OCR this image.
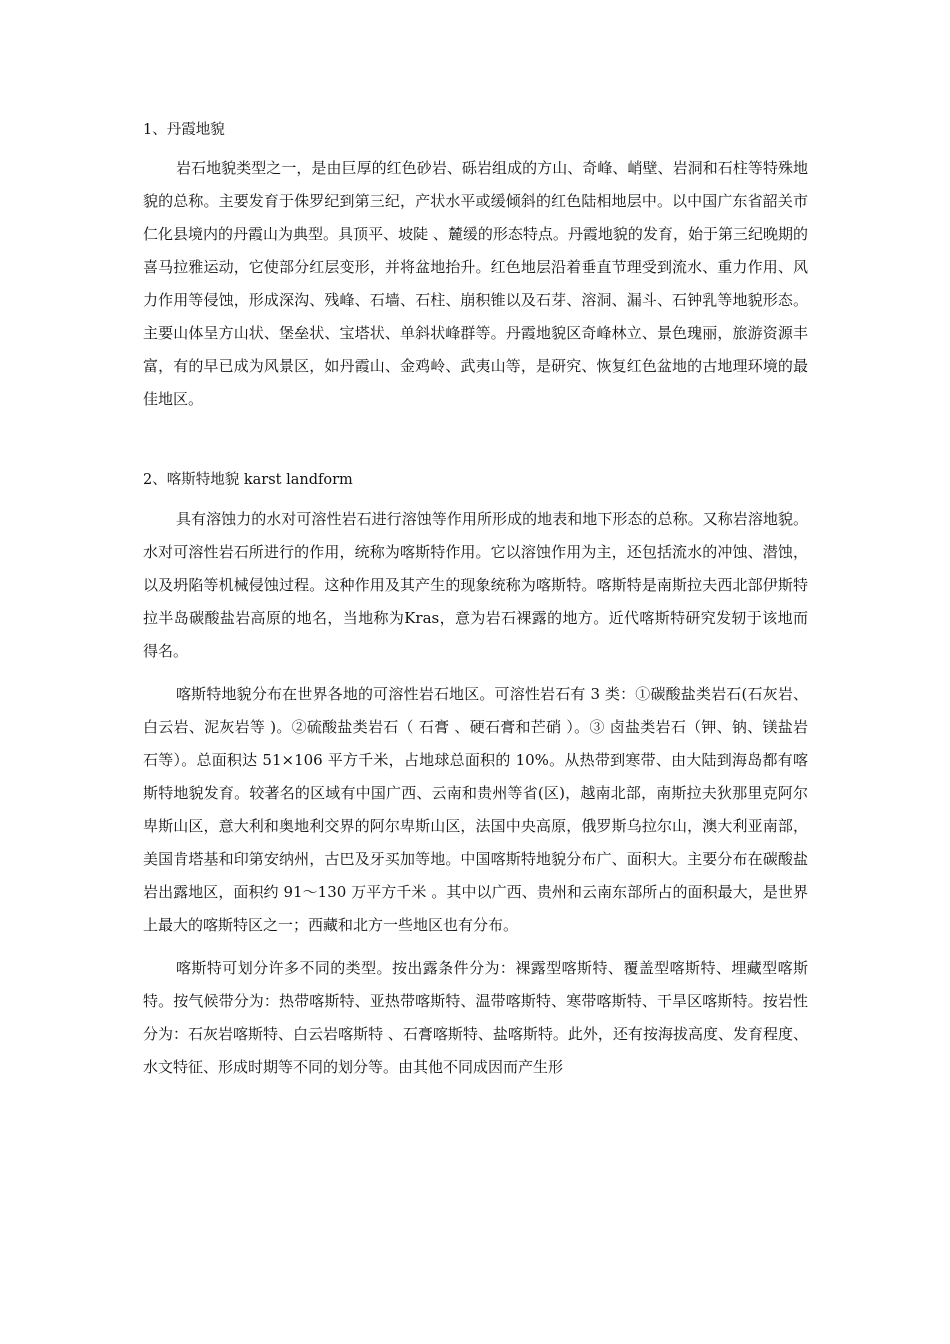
1、丹霞地貌

岩石地貌类型之一，是由巨厚的红色砂岩、砾岩组成的方山、奇峰、峭壁、岩洞和石柱等特殊地貌的总称。主要发育于侏罗纪到第三纪，产状水平或缓倾斜的红色陆相地层中。以中国广东省韶关市仁化县境内的丹霞山为典型。具顶平、坡陡 、麓缓的形态特点。丹霞地貌的发育，始于第三纪晚期的喜马拉雅运动，它使部分红层变形，并将盆地抬升。红色地层沿着垂直节理受到流水、重力作用、风力作用等侵蚀，形成深沟、残峰、石墙、石柱、崩积锥以及石芽、溶洞、漏斗、石钟乳等地貌形态。主要山体呈方山状、堡垒状、宝塔状、单斜状峰群等。丹霞地貌区奇峰林立、景色瑰丽，旅游资源丰富，有的早已成为风景区，如丹霞山、金鸡岭、武夷山等，是研究、恢复红色盆地的古地理环境的最佳地区。

2、喀斯特地貌 karst landform

具有溶蚀力的水对可溶性岩石进行溶蚀等作用所形成的地表和地下形态的总称。又称岩溶地貌。水对可溶性岩石所进行的作用，统称为喀斯特作用。它以溶蚀作用为主，还包括流水的冲蚀、潜蚀，以及坍陷等机械侵蚀过程。这种作用及其产生的现象统称为喀斯特。喀斯特是南斯拉夫西北部伊斯特拉半岛碳酸盐岩高原的地名，当地称为Kras，意为岩石裸露的地方。近代喀斯特研究发轫于该地而得名。

喀斯特地貌分布在世界各地的可溶性岩石地区。可溶性岩石有 3 类：①碳酸盐类岩石(石灰岩、白云岩、泥灰岩等 )。②硫酸盐类岩石（ 石膏 、硬石膏和芒硝 ）。③ 卤盐类岩石（钾、钠、镁盐岩石等）。总面积达 51×106 平方千米，占地球总面积的 10%。从热带到寒带、由大陆到海岛都有喀斯特地貌发育。较著名的区域有中国广西、云南和贵州等省(区)，越南北部，南斯拉夫狄那里克阿尔卑斯山区，意大利和奥地利交界的阿尔卑斯山区，法国中央高原，俄罗斯乌拉尔山，澳大利亚南部，美国肯塔基和印第安纳州，古巴及牙买加等地。中国喀斯特地貌分布广、面积大。主要分布在碳酸盐岩出露地区，面积约 91～130 万平方千米 。其中以广西、贵州和云南东部所占的面积最大，是世界上最大的喀斯特区之一；西藏和北方一些地区也有分布。

喀斯特可划分许多不同的类型。按出露条件分为：裸露型喀斯特、覆盖型喀斯特、埋藏型喀斯特。按气候带分为：热带喀斯特、亚热带喀斯特、温带喀斯特、寒带喀斯特、干旱区喀斯特。按岩性分为：石灰岩喀斯特、白云岩喀斯特 、石膏喀斯特、盐喀斯特。此外，还有按海拔高度、发育程度、水文特征、形成时期等不同的划分等。由其他不同成因而产生形
